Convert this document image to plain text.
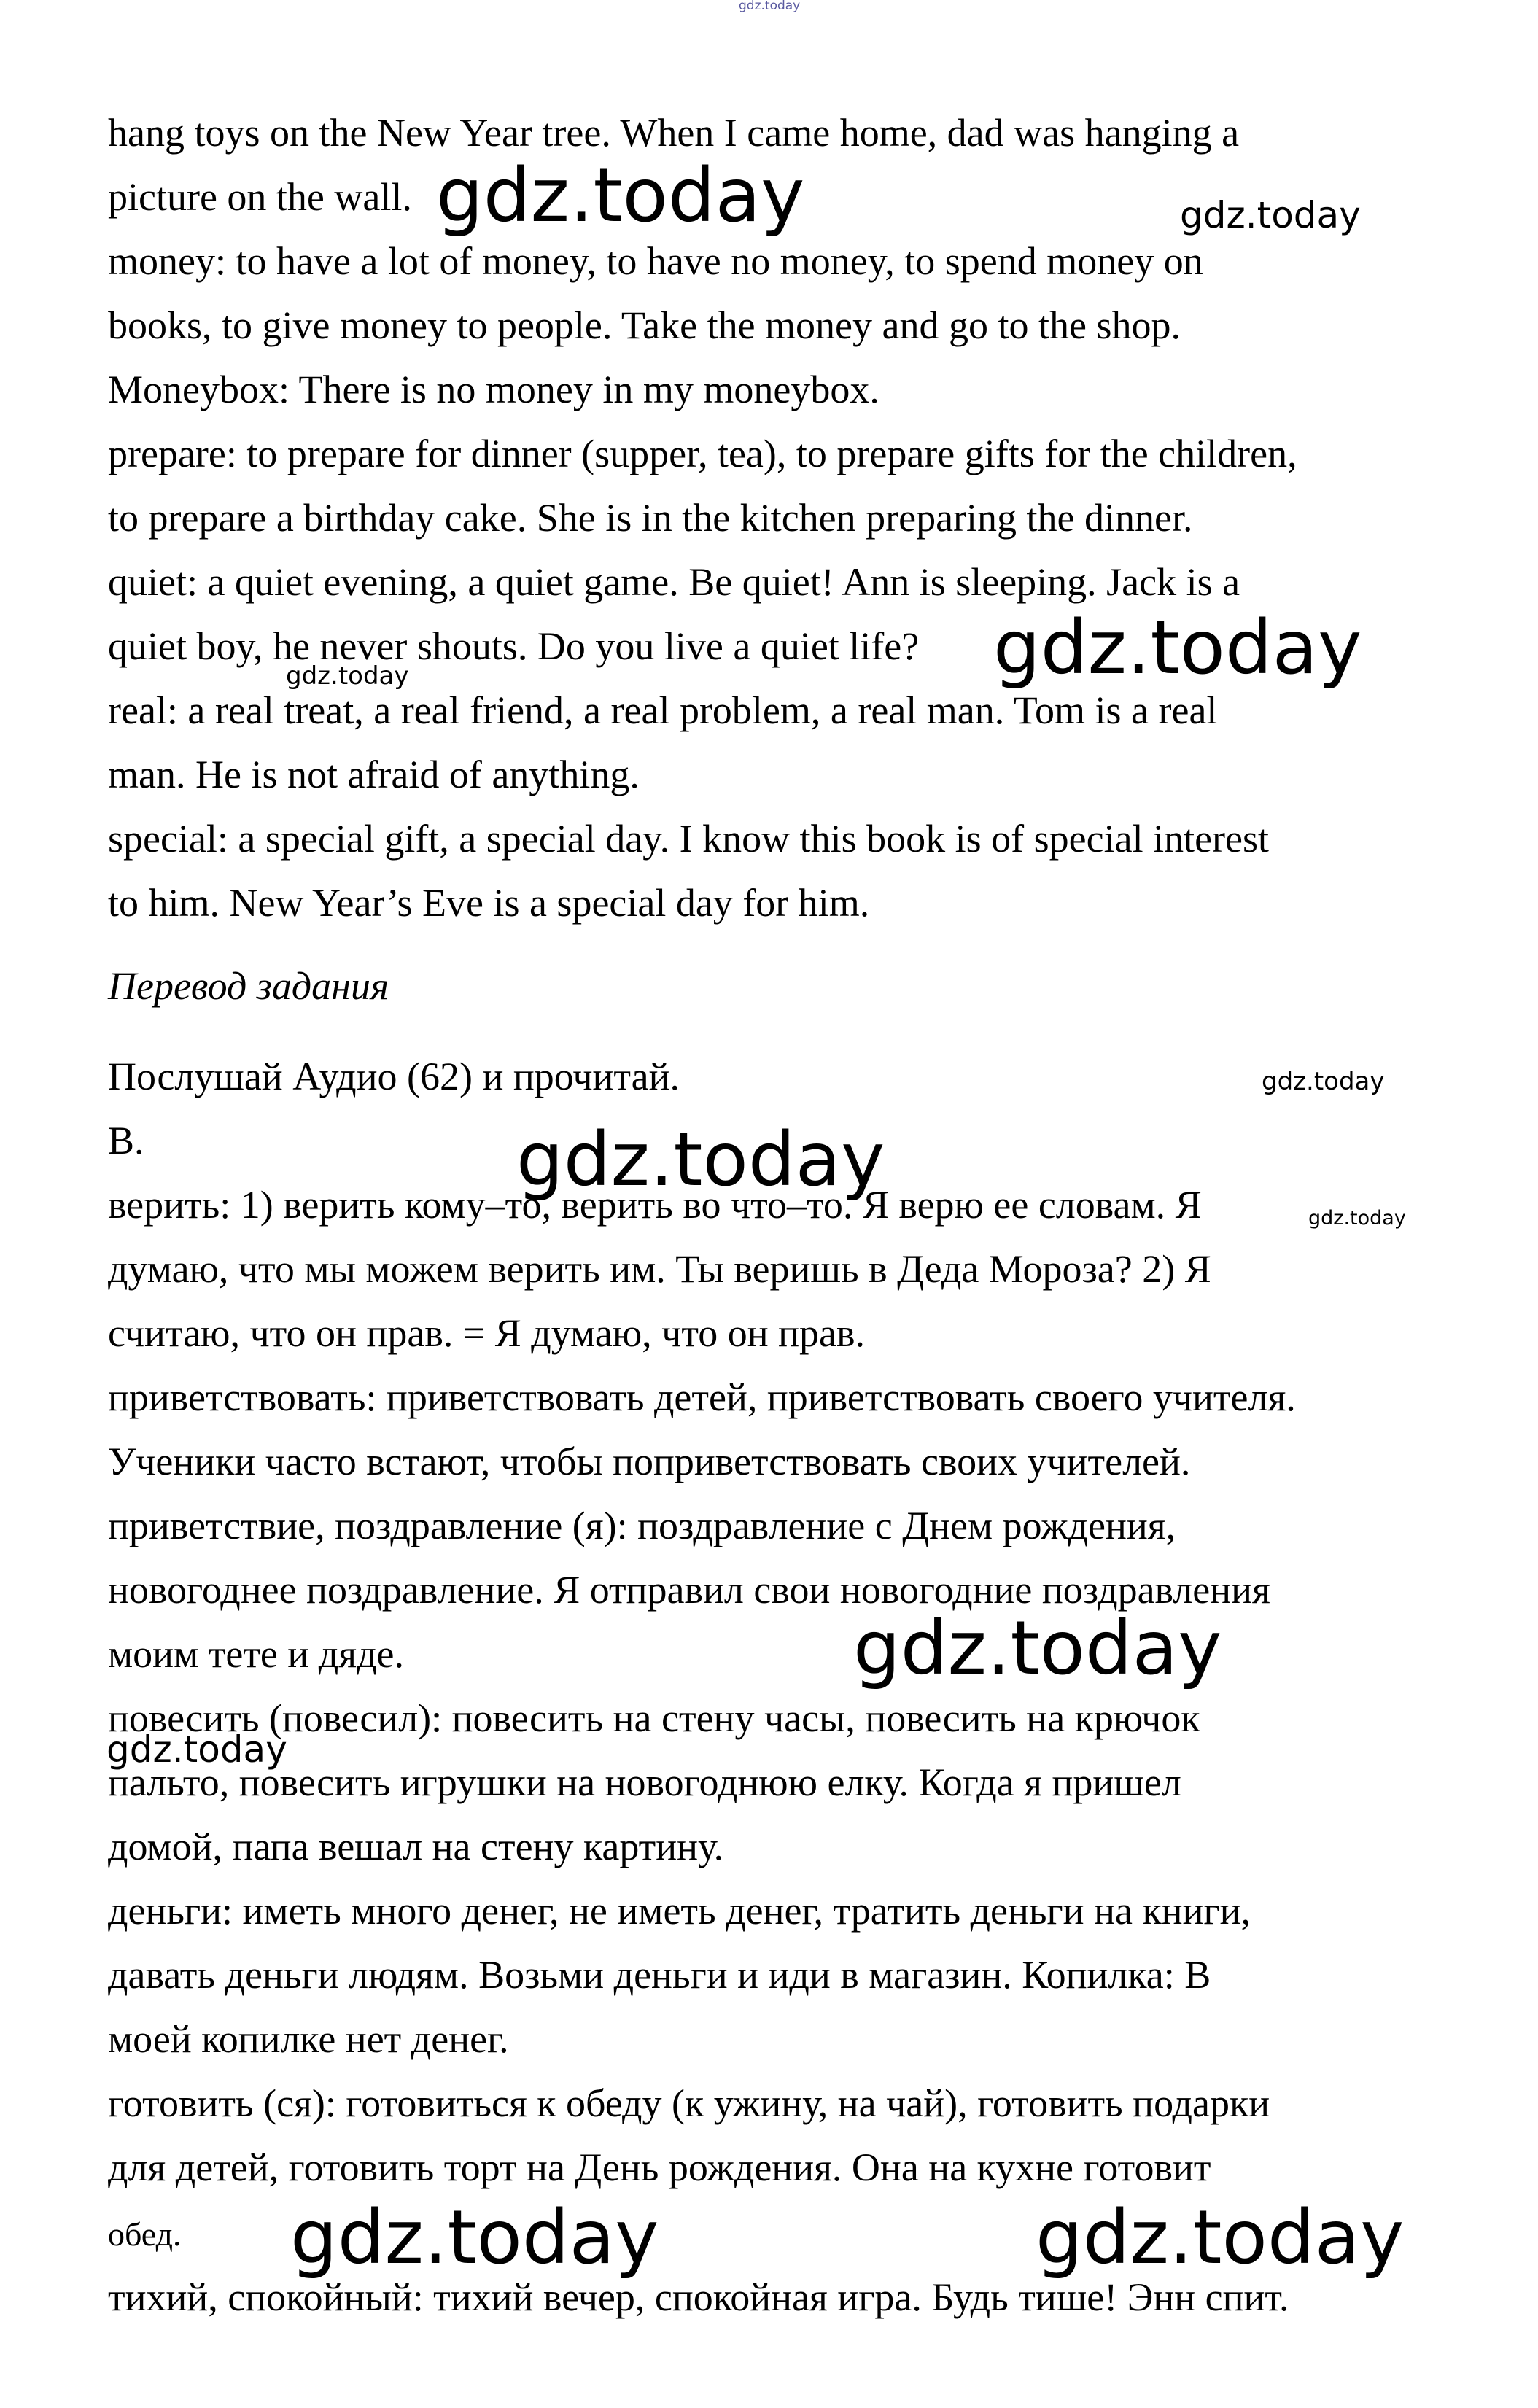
gdz.today

hang toys on the New Year tree. When I came home, dad was hanging a

picture on the wall.

money: to have a lot of money, to have no money, to spend money on

books, to give money to people. Take the money and go to the shop.

Moneybox: There is no money in my moneybox.

prepare: to prepare for dinner (supper, tea), to prepare gifts for the children,

to prepare a birthday cake. She is in the kitchen preparing the dinner.

quiet: a quiet evening, a quiet game. Be quiet! Ann is sleeping. Jack is a

quiet boy, he never shouts. Do you live a quiet life?

real: a real treat, a real friend, a real problem, a real man. Tom is a real

man. He is not afraid of anything.

special: a special gift, a special day. I know this book is of special interest

to him. New Year’s Eve is a special day for him.

Перевод задания

Послушай Аудио (62) и прочитай.

B.

верить: 1) верить кому–то, верить во что–то. Я верю ее словам. Я

думаю, что мы можем верить им. Ты веришь в Деда Мороза? 2) Я

считаю, что он прав. = Я думаю, что он прав.

приветствовать: приветствовать детей, приветствовать своего учителя.

Ученики часто встают, чтобы поприветствовать своих учителей.

приветствие, поздравление (я): поздравление с Днем рождения,

новогоднее поздравление. Я отправил свои новогодние поздравления

моим тете и дяде.

повесить (повесил): повесить на стену часы, повесить на крючок

пальто, повесить игрушки на новогоднюю елку. Когда я пришел

домой, папа вешал на стену картину.

деньги: иметь много денег, не иметь денег, тратить деньги на книги,

давать деньги людям. Возьми деньги и иди в магазин. Копилка: В

моей копилке нет денег.

готовить (ся): готовиться к обеду (к ужину, на чай), готовить подарки

для детей, готовить торт на День рождения. Она на кухне готовит

обед.

тихий, спокойный: тихий вечер, спокойная игра. Будь тише! Энн спит.

gdz.today	gdz.today
gdz.today
gdz.today
gdz.today
gdz.today
gdz.today
gdz.today
gdz.today
gdz.today	gdz.today
